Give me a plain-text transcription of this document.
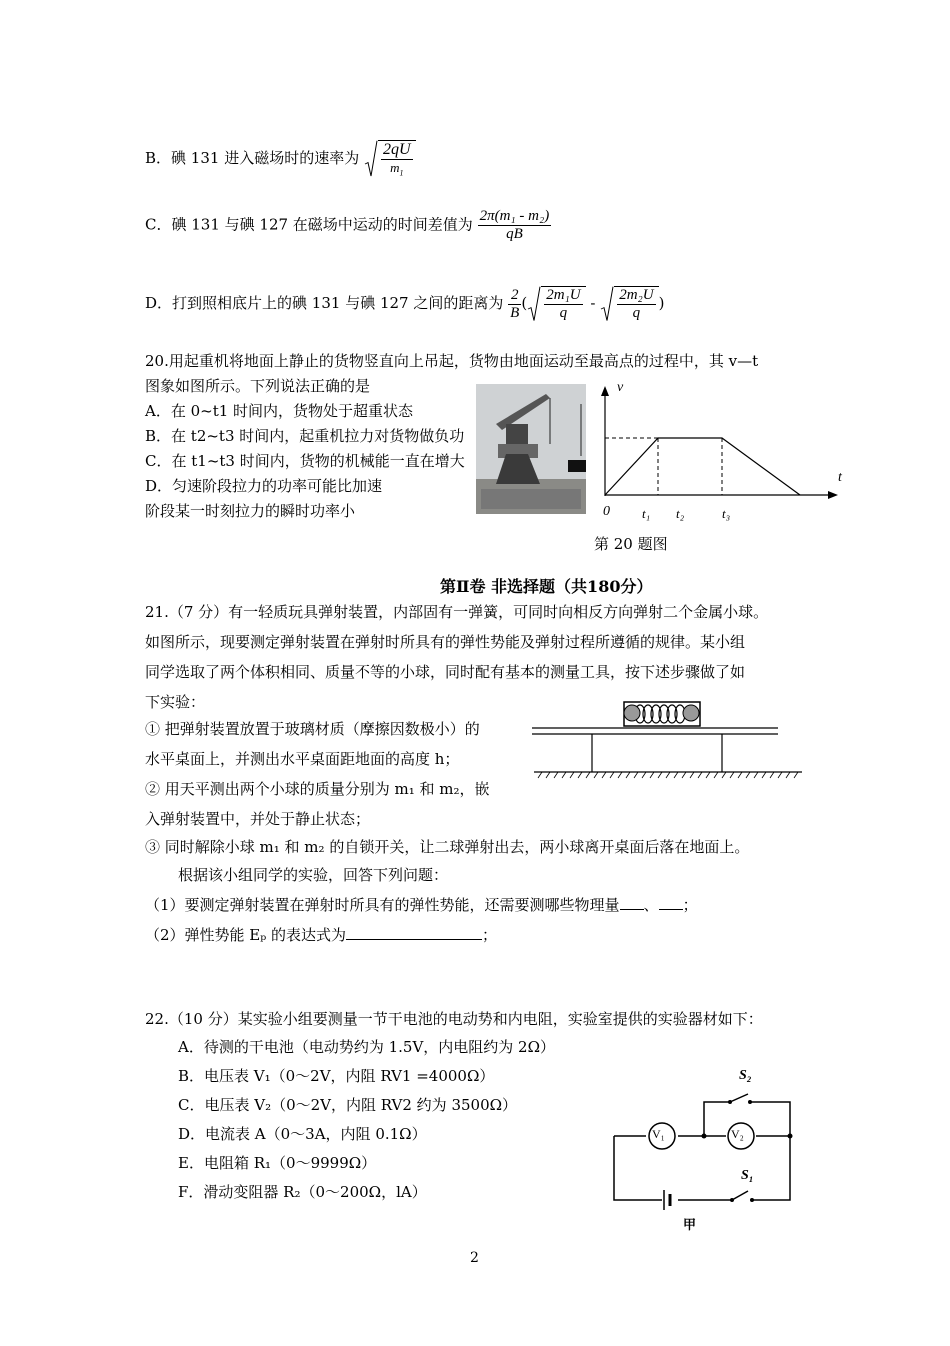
B．碘 131 进入磁场时的速率为 $\frac{2qU}{m_1}$
C．碘 131 与碘 127 在磁场中运动的时间差值为 $\frac{\text{2π(m₁ - m₂)}}{qB}$
D．打到照相底片上的碘 131 与碘 127 之间的距离为 $\frac{2}{B}$ ( $\frac{\text{2m₁U}}{q} - \frac{\text{2m₂U}}{q}$ )
20.用起重机将地面上静止的货物竖直向上吊起，货物由地面运动至最高点的过程中，其 v—t
图象如图所示。下列说法正确的是
A．在 0~t1 时间内，货物处于超重状态
B．在 t2~t3 时间内，起重机拉力对货物做负功
C．在 t1~t3 时间内，货物的机械能一直在增大
D．匀速阶段拉力的功率可能比加速
阶段某一时刻拉力的瞬时功率小
v
t
0 t₁ t₂	t₃
第 20 题图
第Ⅱ卷 非选择题（共180分）
21.（7 分）有一轻质玩具弹射装置，内部固有一弹簧，可同时向相反方向弹射二个金属小球。
如图所示，现要测定弹射装置在弹射时所具有的弹性势能及弹射过程所遵循的规律。某小组
同学选取了两个体积相同、质量不等的小球，同时配有基本的测量工具，按下述步骤做了如
下实验：
① 把弹射装置放置于玻璃材质（摩擦因数极小）的
水平桌面上，并测出水平桌面距地面的高度 h；
② 用天平测出两个小球的质量分别为 m₁ 和 m₂，嵌
入弹射装置中，并处于静止状态；
③ 同时解除小球 m₁ 和 m₂ 的自锁开关，让二球弹射出去，两小球离开桌面后落在地面上。
根据该小组同学的实验，回答下列问题：
（1）要测定弹射装置在弹射时所具有的弹性势能，还需要测哪些物理量 、 ；
（2）弹性势能 Eₚ 的表达式为	；
22.（10 分）某实验小组要测量一节干电池的电动势和内电阻，实验室提供的实验器材如下：
A．待测的干电池（电动势约为 1.5V，内电阻约为 2Ω）
B．电压表 V₁（0～2V，内阻 RV1 =4000Ω）
C．电压表 V₂（0～2V，内阻 RV2 约为 3500Ω）
D．电流表 A（0～3A，内阻 0.1Ω）
E．电阻箱 R₁（0～9999Ω）
F．滑动变阻器 R₂（0～200Ω，lA）
S₂
S₁
V₁	V₂
甲
2
